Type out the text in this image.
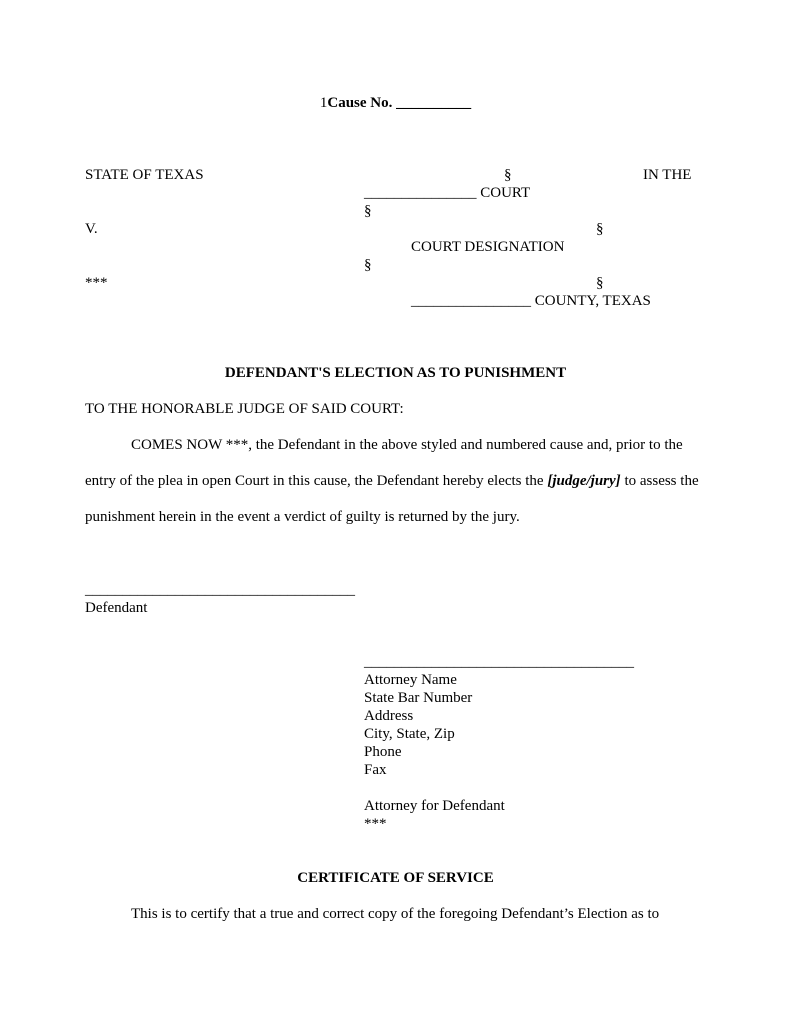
1Cause No. __________
STATE OF TEXAS	§	IN THE
_______________ COURT
§
V.	§
COURT DESIGNATION
§
***	§
________________ COUNTY, TEXAS
DEFENDANT'S ELECTION AS TO PUNISHMENT
TO THE HONORABLE JUDGE OF SAID COURT:
COMES NOW ***, the Defendant in the above styled and numbered cause and, prior to the entry of the plea in open Court in this cause, the Defendant hereby elects the [judge/jury] to assess the punishment herein in the event a verdict of guilty is returned by the jury.
____________________________________
Defendant
____________________________________
Attorney Name
State Bar Number
Address
City, State, Zip
Phone
Fax
Attorney for Defendant
***
CERTIFICATE OF SERVICE
This is to certify that a true and correct copy of the foregoing Defendant’s Election as to
